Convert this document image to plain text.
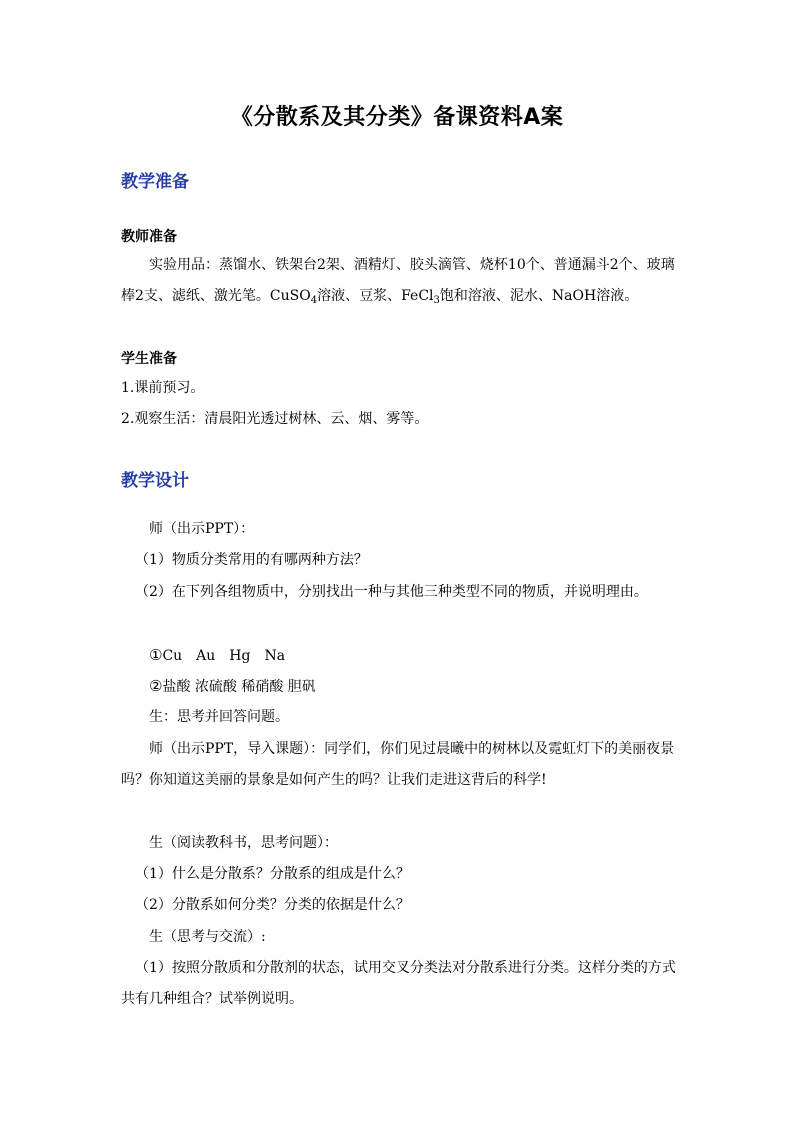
《分散系及其分类》备课资料A案
教学准备
教师准备

实验用品：蒸馏水、铁架台2架、酒精灯、胶头滴管、烧杯10个、普通漏斗2个、玻璃棒2支、滤纸、激光笔。CuSO$_4$溶液、豆浆、FeCl$_3$饱和溶液、泥水、NaOH溶液。

学生准备

1.课前预习。

2.观察生活：清晨阳光透过树林、云、烟、雾等。

教学设计

师（出示PPT）：

（1）物质分类常用的有哪两种方法？

（2）在下列各组物质中，分别找出一种与其他三种类型不同的物质，并说明理由。

①Cu　Au　Hg　Na

②盐酸 浓硫酸 稀硝酸 胆矾

生：思考并回答问题。

师（出示PPT，导入课题）：同学们，你们见过晨曦中的树林以及霓虹灯下的美丽夜景吗？你知道这美丽的景象是如何产生的吗？让我们走进这背后的科学!

生（阅读教科书，思考问题）：

（1）什么是分散系？分散系的组成是什么？

（2）分散系如何分类？分类的依据是什么？

生（思考与交流）:

（1）按照分散质和分散剂的状态，试用交叉分类法对分散系进行分类。这样分类的方式共有几种组合？试举例说明。
